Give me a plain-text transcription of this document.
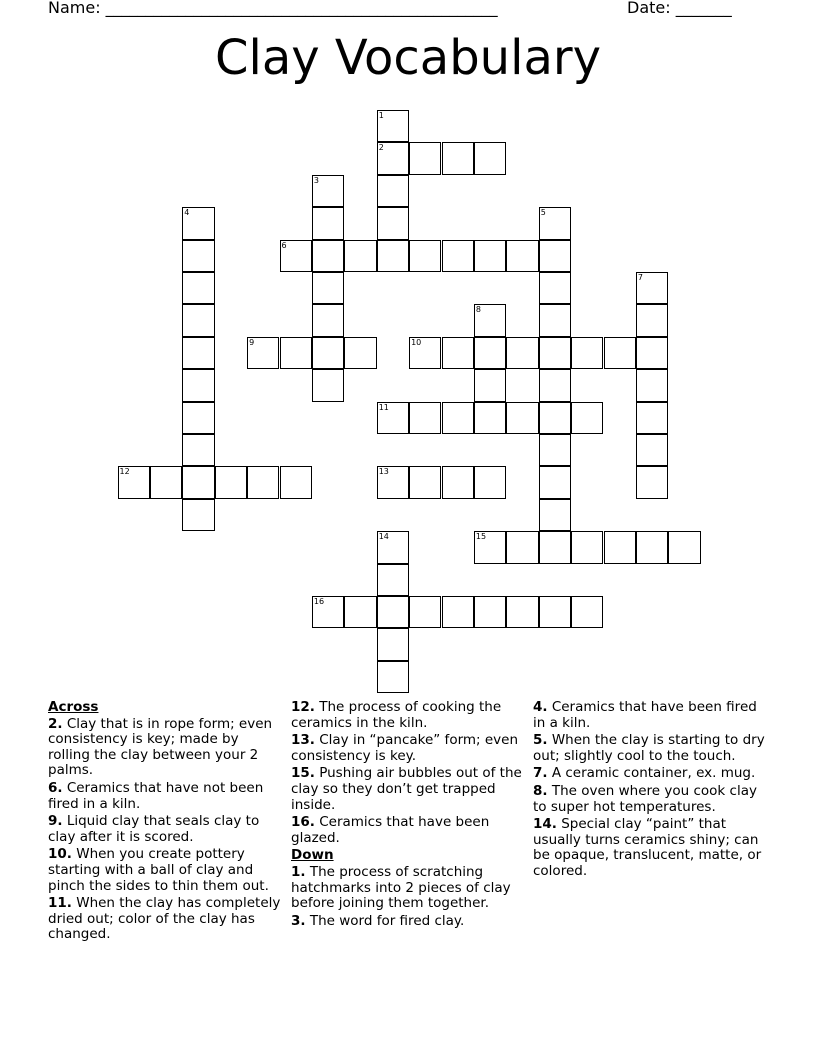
Name: _________________________________________________	Date: _______
Clay Vocabulary
1
2
3
4	5
6
7
8
9	10
11
12	13
14	15
16
Across
2. Clay that is in rope form; even consistency is key; made by rolling the clay between your 2 palms.
6. Ceramics that have not been fired in a kiln.
9. Liquid clay that seals clay to clay after it is scored.
10. When you create pottery starting with a ball of clay and pinch the sides to thin them out.
11. When the clay has completely dried out; color of the clay has changed.
12. The process of cooking the ceramics in the kiln.
13. Clay in “pancake” form; even consistency is key.
15. Pushing air bubbles out of the clay so they don’t get trapped inside.
16. Ceramics that have been glazed.
Down
1. The process of scratching hatchmarks into 2 pieces of clay before joining them together.
3. The word for fired clay.
4. Ceramics that have been fired in a kiln.
5. When the clay is starting to dry out; slightly cool to the touch.
7. A ceramic container, ex. mug.
8. The oven where you cook clay to super hot temperatures.
14. Special clay “paint” that usually turns ceramics shiny; can be opaque, translucent, matte, or colored.
